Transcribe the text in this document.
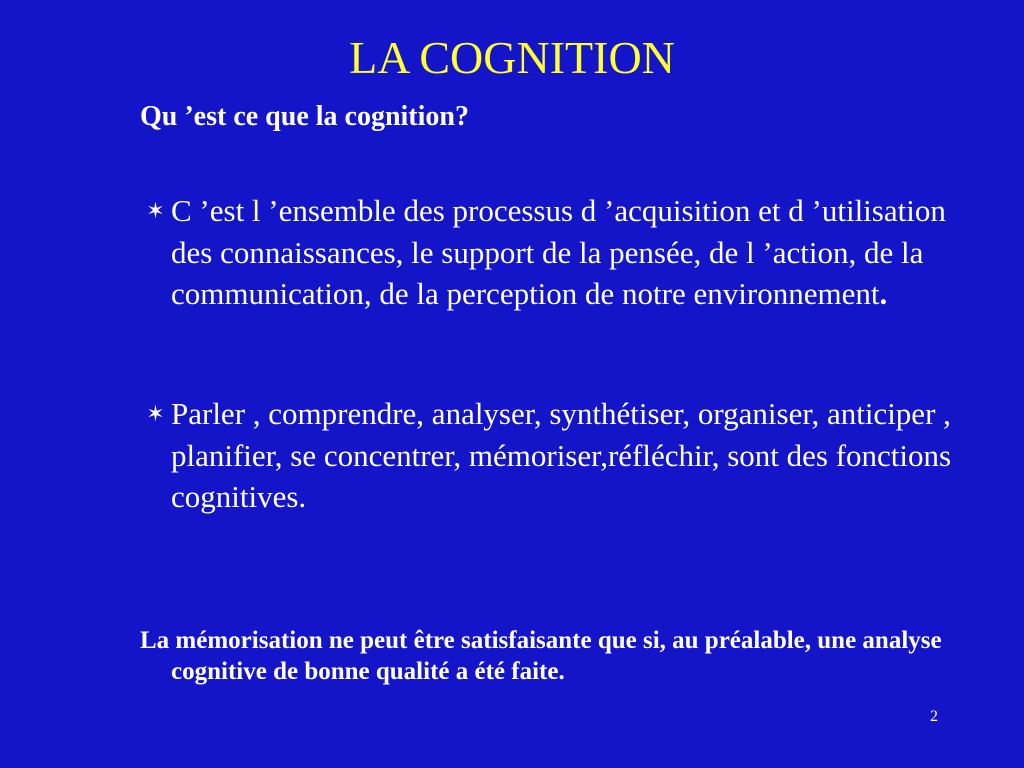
LA COGNITION

Qu ’est ce que la cognition?

✶ C ’est l ’ensemble des processus d ’acquisition et d ’utilisation des connaissances, le support de la pensée, de l ’action, de la communication, de la perception de notre environnement.

✶ Parler , comprendre, analyser, synthétiser, organiser, anticiper , planifier, se concentrer, mémoriser,réfléchir, sont des fonctions cognitives.

La mémorisation ne peut être satisfaisante que si, au préalable, une analyse cognitive de bonne qualité a été faite.

2
